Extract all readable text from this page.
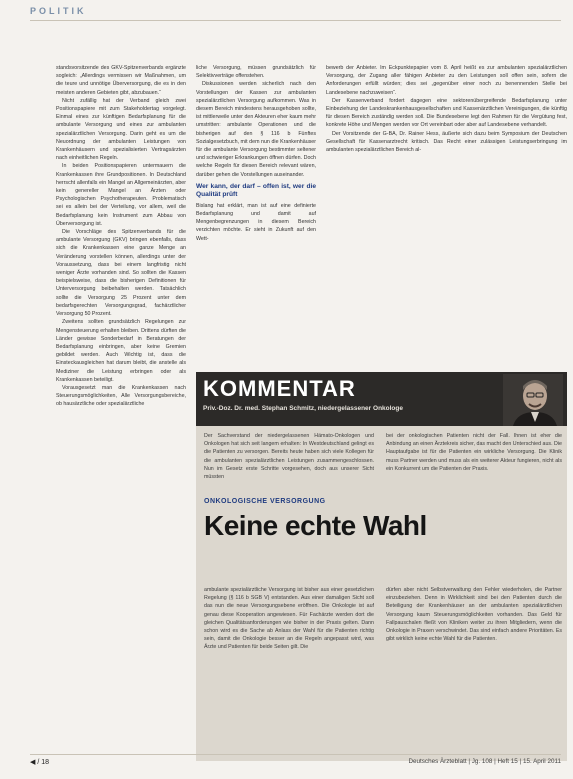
POLITIK

standsvorsitzende des GKV-Spitzenverbands ergänzte sogleich: „Allerdings vermissen wir Maßnahmen, um die teure und unnötige Überversorgung, die es in den meisten anderen Gebieten gibt, abzubauen.“

Nicht zufällig hat der Verband gleich zwei Positionspapiere mit zum Stakeholdertag vorgelegt. Einmal eines zur künftigen Bedarfsplanung für die ambulante Versorgung und eines zur ambulanten spezialärztlichen Versorgung. Darin geht es um die Neuordnung der ambulanten Leistungen von Krankenhäusern und spezialisierten Vertragsärzten nach einheitlichen Regeln.

In beiden Positionspapieren untermauern die Krankenkassen ihre Grundpositionen. In Deutschland herrscht allenfalls ein Mangel an Allgemeinärzten, aber kein genereller Mangel an Ärzten oder Psychologischen Psychotherapeuten. Problematisch sei es allein bei der Verteilung, vor allem, weil die Bedarfsplanung kein Instrument zum Abbau von Überversorgung ist.

Die Vorschläge des Spitzenverbands für die ambulante Versorgung (GKV) bringen ebenfalls, dass sich die Krankenkassen eine ganze Menge an Veränderung vorstellen können, allerdings unter der Voraussetzung, dass bei einem langfristig nicht weniger Ärzte vorhanden sind. So sollten die Kassen beispielsweise, dass die bisherigen Definitionen für Unterversorgung beibehalten werden. Tatsächlich sollte die Versorgung 25 Prozent unter dem bedarfsgerechten Versorgungsgrad, fachärztlicher Versorgung 50 Prozent.

Zweitens sollten grundsätzlich Regelungen zur Mengensteuerung erhalten bleiben. Drittens dürften die Länder gewisse Sonderbedarf in Beratungen der Bedarfsplanung einbringen, aber keine Gremien gebildet werden. Auch Wichtig ist, dass die Einsteckausgleichen hat darum bleibt, die anstelle als Mediziner die Leistung erbringen oder als Krankenkassen beteiligt.

Vorausgesetzt man die Krankenkassen nach Steuerungsmöglichkeiten, Alle Versorgungsbereiche, ob hausärztliche oder spezialärztliche

liche Versorgung, müssen grundsätzlich für Selektivverträge offenstehen.

Diskussionen werden sicherlich nach den Vorstellungen der Kassen zur ambulanten spezialärztlichen Versorgung aufkommen. Was in diesem Bereich mindestens herausgehoben sollte, ist mittlerweile unter den Akteuren eher kaum mehr umstritten: ambulante Operationen und die bisherigen auf den § 116 b Fünftes Sozialgesetzbuch, mit dem nun die Krankenhäuser für die ambulante Versorgung bestimmter seltener und schwieriger Erkrankungen öffnen dürfen. Doch welche Regeln für diesen Bereich relevant wären, darüber gehen die Vorstellungen auseinander.

Wer kann, der darf – offen ist, wer die Qualität prüft

Bislang hat erklärt, man ist auf eine definierte Bedarfsplanung und damit auf Mengenbegrenzungen in diesem Bereich verzichten möchte. Er sieht in Zukunft auf den Wett-

bewerb der Anbieter. Im Eckpunktepapier vom 8. April heißt es zur ambulanten spezialärztlichen Versorgung, der Zugang aller fähigen Anbieter zu den Leistungen soll offen sein, sofern die Anforderungen erfüllt würden; dies sei „gegenüber einer noch zu benennenden Stelle bei Landesebene nachzuweisen“.

Der Kassenverband fordert dagegen eine sektorenübergreifende Bedarfsplanung unter Einbeziehung der Landeskrankenhausgesellschaften und Kassenärztlichen Vereinigungen, die künftig für diesen Bereich zuständig werden soll. Die Bundesebene legt den Rahmen für die Vergütung fest, konkrete Höhe und Mengen werden vor Ort vereinbart oder aber auf Landesebene verhandelt.

Der Vorsitzende der G-BA, Dr. Rainer Hess, äußerte sich dazu beim Symposium der Deutschen Gesellschaft für Kassenarztrecht kritisch. Das Recht einer zulässigen Leistungserbringung im ambulanten spezialärztlichen Bereich al-

KOMMENTAR
Priv.-Doz. Dr. med. Stephan Schmitz, niedergelassener Onkologe
Der Sachverstand der niedergelassenen Hämato-Onkologen und Onkologen hat sich seit langem erhalten: In Westdeutschland gelingt es die Patienten zu versorgen. Bereits heute haben sich viele Kollegen für die ambulanten spezialärztlichen Leistungen zusammengeschlossen. Nun im Gesetz erste Schritte vorgesehen, doch aus unserer Sicht müssten
bei der onkologischen Patienten nicht der Fall. Ihnen ist eher die Anbindung an einen Ärztekreis sicher, das macht den Unterschied aus. Die Hauptaufgabe ist für die Patienten ein wirkliche Versorgung. Die Klinik muss Partner werden und muss als ein weiterer Akteur fungieren, nicht als ein Konkurrent um die Patienten der Praxis.
ONKOLOGISCHE VERSORGUNG
Keine echte Wahl
ambulante spezialärztliche Versorgung ist bisher aus einer gesetzlichen Regelung (§ 116 b SGB V) entstanden. Aus einer damaligen Sicht soll das nun die neue Versorgungsebene eröffnen. Die Onkologie ist auf genau diese Kooperation angewiesen. Für Fachärzte werden dort die gleichen Qualitätsanforderungen wie bisher in der Praxis gelten. Dann schon wird es die Sache ab Anlass der Wahl für die Patienten richtig sein, damit die Onkologie besser an die Regeln angepasst wird, was Ärzte und Patienten für beide Seiten gilt. Die
dürfen aber nicht Selbstverwaltung den Fehler wiederholen, die Partner einzubeziehen. Denn in Wirklichkeit sind bei den Patienten durch die Beteiligung der Krankenhäuser an der ambulanten spezialärztlichen Versorgung kaum Steuerungsmöglichkeiten vorhanden. Das Geld für Fallpauschalen fließt von Kliniken weiter zu ihren Mitgliedern, wenn die Onkologie in Praxen verschwindet. Das sind einfach andere Prioritäten. Es gibt wirklich keine echte Wahl für die Patienten.
◀ / 18	Deutsches Ärzteblatt | Jg. 108 | Heft 15 | 15. April 2011
